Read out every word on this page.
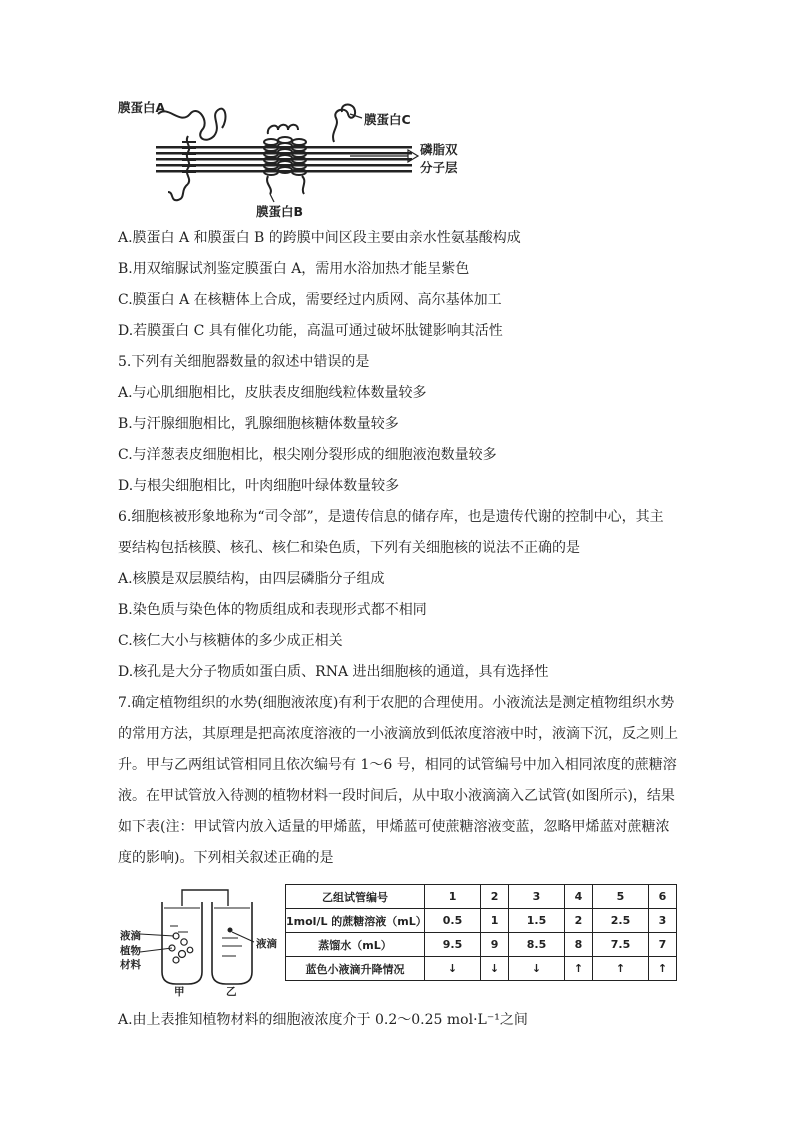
膜蛋白A
膜蛋白C
磷脂双
分子层
膜蛋白B
A.膜蛋白 A 和膜蛋白 B 的跨膜中间区段主要由亲水性氨基酸构成
B.用双缩脲试剂鉴定膜蛋白 A，需用水浴加热才能呈紫色
C.膜蛋白 A 在核糖体上合成，需要经过内质网、高尔基体加工
D.若膜蛋白 C 具有催化功能，高温可通过破坏肽键影响其活性
5.下列有关细胞器数量的叙述中错误的是
A.与心肌细胞相比，皮肤表皮细胞线粒体数量较多
B.与汗腺细胞相比，乳腺细胞核糖体数量较多
C.与洋葱表皮细胞相比，根尖刚分裂形成的细胞液泡数量较多
D.与根尖细胞相比，叶肉细胞叶绿体数量较多
6.细胞核被形象地称为“司令部”，是遗传信息的储存库，也是遗传代谢的控制中心，其主
要结构包括核膜、核孔、核仁和染色质，下列有关细胞核的说法不正确的是
A.核膜是双层膜结构，由四层磷脂分子组成
B.染色质与染色体的物质组成和表现形式都不相同
C.核仁大小与核糖体的多少成正相关
D.核孔是大分子物质如蛋白质、RNA 进出细胞核的通道，具有选择性
7.确定植物组织的水势(细胞液浓度)有利于农肥的合理使用。小液流法是测定植物组织水势
的常用方法，其原理是把高浓度溶液的一小液滴放到低浓度溶液中时，液滴下沉，反之则上
升。甲与乙两组试管相同且依次编号有 1～6 号，相同的试管编号中加入相同浓度的蔗糖溶
液。在甲试管放入待测的植物材料一段时间后，从中取小液滴滴入乙试管(如图所示)，结果
如下表(注：甲试管内放入适量的甲烯蓝，甲烯蓝可使蔗糖溶液变蓝，忽略甲烯蓝对蔗糖浓
度的影响)。下列相关叙述正确的是
液滴
植物
材料
液滴
甲	乙
乙组试管编号	1	2	3	4	5	6
1mol/L 的蔗糖溶液（mL）	0.5	1	1.5	2	2.5	3
蒸馏水（mL）	9.5	9	8.5	8	7.5	7
蓝色小液滴升降情况	↓	↓	↓	↑	↑	↑
A.由上表推知植物材料的细胞液浓度介于 0.2～0.25 mol·L⁻¹之间
